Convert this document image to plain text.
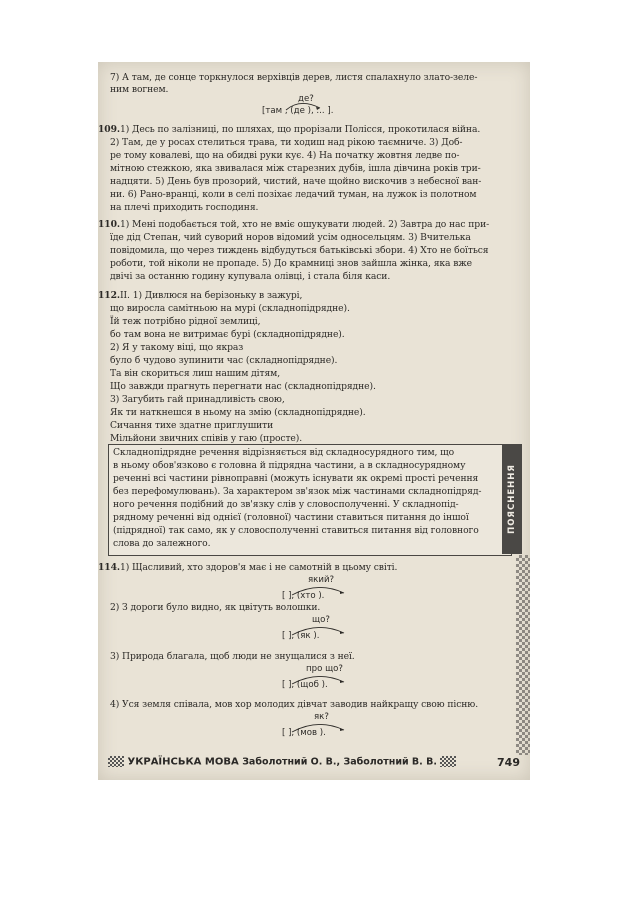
7) А там, де сонце торкнулося верхівців дерев, листя спалахнуло злато-зеле-
ним вогнем.
де?
[там , (де ), ... ].
109. 1) Десь по залізниці, по шляхах, що прорізали Полісся, прокотилася війна.
2) Там, де у росах стелиться трава, ти ходиш над рікою таємниче. 3) Доб-
ре тому ковалеві, що на обидві руки кує. 4) На початку жовтня ледве по-
мітною стежкою, яка звивалася між старезних дубів, ішла дівчина років три-
надцяти. 5) День був прозорий, чистий, наче щойно вискочив з небесної ван-
ни. 6) Рано-вранці, коли в селі позіхає ледачий туман, на лужок із полотном
на плечі приходить господиня.
110. 1) Мені подобається той, хто не вміє ошукувати людей. 2) Завтра до нас при-
їде дід Степан, чий суворий норов відомий усім односельцям. 3) Вчителька
повідомила, що через тиждень відбудуться батьківські збори. 4) Хто не боїться
роботи, той ніколи не пропаде. 5) До крамниці знов зайшла жінка, яка вже
двічі за останню годину купувала олівці, і стала біля каси.
112. II. 1) Дивлюся на берізоньку в зажурі,
що виросла самітньою на мурі (складнопідрядне).
Їй теж потрібно рідної землиці,
бо там вона не витримає бурі (складнопідрядне).
2) Я у такому віці, що якраз
було б чудово зупинити час (складнопідрядне).
Та він скориться лиш нашим дітям,
Що завжди прагнуть перегнати нас (складнопідрядне).
3) Загубить гай принадливість свою,
Як ти наткнешся в ньому на змію (складнопідрядне).
Сичання тихе здатне приглушити
Мільйони звичних співів у гаю (просте).
Складнопідрядне речення відрізняється від складносурядного тим, що
в ньому обов'язково є головна й підрядна частини, а в складносурядному
реченні всі частини рівноправні (можуть існувати як окремі прості речення
без перефомулювань). За характером зв'язок між частинами складнопідряд-
ного речення подібний до зв'язку слів у словосполученні. У складнопід-
рядному реченні від однієї (головної) частини ставиться питання до іншої
(підрядної) так само, як у словосполученні ставиться питання від головного
слова до залежного.
ПОЯСНЕННЯ
114. 1) Щасливий, хто здоров'я має і не самотній в цьому світі.
який?
[ ], (хто ).
2) З дороги було видно, як цвітуть волошки.
що?
[ ], (як ).
3) Природа благала, щоб люди не знущалися з неї.
про що?
[ ], (щоб ).
4) Уся земля співала, мов хор молодих дівчат заводив найкращу свою пісню.
як?
[ ], (мов ).
УКРАЇНСЬКА МОВА Заболотний О. В., Заболотний В. В.	749
